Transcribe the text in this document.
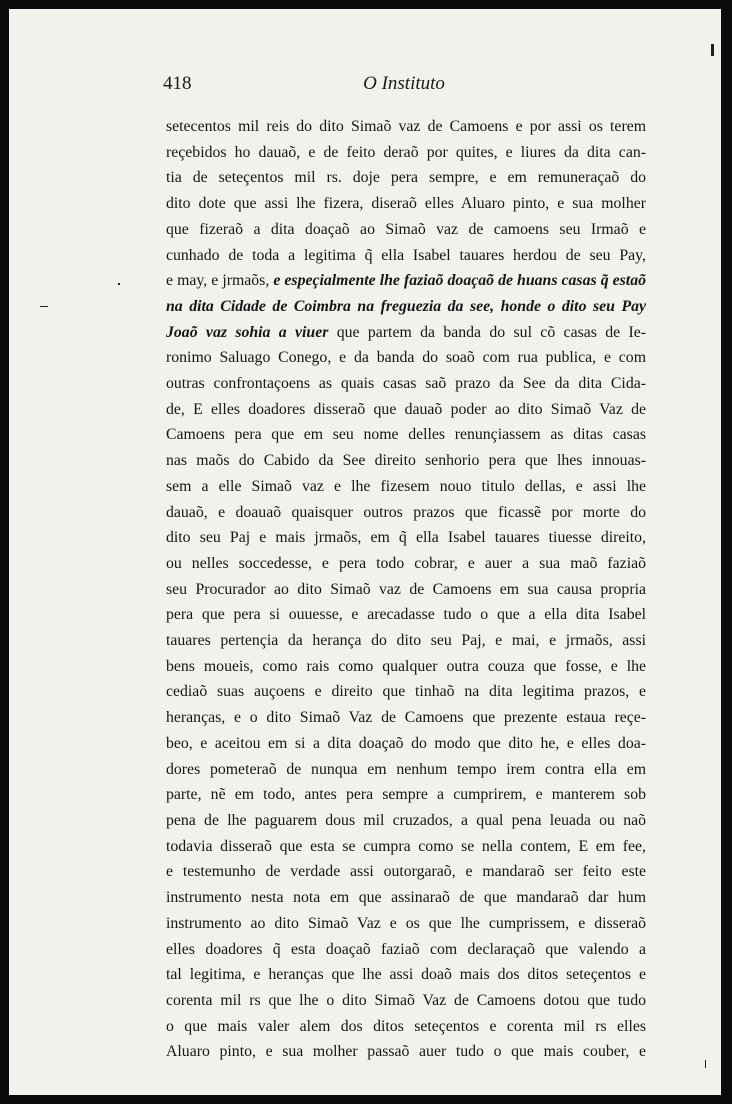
418	O Instituto
setecentos mil reis do dito Simaõ vaz de Camoens e por assi os terem
reçebidos ho dauaõ, e de feito deraõ por quites, e liures da dita can-
tia de seteçentos mil rs. doje pera sempre, e em remuneraçaõ do
dito dote que assi lhe fizera, diseraõ elles Aluaro pinto, e sua molher
que fizeraõ a dita doaçaõ ao Simaõ vaz de camoens seu Irmaõ e
cunhado de toda a legitima q̃ ella Isabel tauares herdou de seu Pay,
e may, e jrmaõs, e espeçialmente lhe faziaõ doaçaõ de huans casas q̃ estaõ
na dita Cidade de Coimbra na freguezia da see, honde o dito seu Pay
Joaõ vaz sohia a viuer que partem da banda do sul cõ casas de Ie-
ronimo Saluago Conego, e da banda do soaõ com rua publica, e com
outras confrontaçoens as quais casas saõ prazo da See da dita Cida-
de, E elles doadores disseraõ que dauaõ poder ao dito Simaõ Vaz de
Camoens pera que em seu nome delles renunçiassem as ditas casas
nas maõs do Cabido da See direito senhorio pera que lhes innouas-
sem a elle Simaõ vaz e lhe fizesem nouo titulo dellas, e assi lhe
dauaõ, e doauaõ quaisquer outros prazos que ficassẽ por morte do
dito seu Paj e mais jrmaõs, em q̃ ella Isabel tauares tiuesse direito,
ou nelles soccedesse, e pera todo cobrar, e auer a sua maõ faziaõ
seu Procurador ao dito Simaõ vaz de Camoens em sua causa propria
pera que pera si ouuesse, e arecadasse tudo o que a ella dita Isabel
tauares pertençia da herança do dito seu Paj, e mai, e jrmaõs, assi
bens moueis, como rais como qualquer outra couza que fosse, e lhe
cediaõ suas auçoens e direito que tinhaõ na dita legitima prazos, e
heranças, e o dito Simaõ Vaz de Camoens que prezente estaua reçe-
beo, e aceitou em si a dita doaçaõ do modo que dito he, e elles doa-
dores pometeraõ de nunqua em nenhum tempo irem contra ella em
parte, nẽ em todo, antes pera sempre a cumprirem, e manterem sob
pena de lhe paguarem dous mil cruzados, a qual pena leuada ou naõ
todavia disseraõ que esta se cumpra como se nella contem, E em fee,
e testemunho de verdade assi outorgaraõ, e mandaraõ ser feito este
instrumento nesta nota em que assinaraõ de que mandaraõ dar hum
instrumento ao dito Simaõ Vaz e os que lhe cumprissem, e disseraõ
elles doadores q̃ esta doaçaõ faziaõ com declaraçaõ que valendo a
tal legitima, e heranças que lhe assi doaõ mais dos ditos seteçentos e
corenta mil rs que lhe o dito Simaõ Vaz de Camoens dotou que tudo
o que mais valer alem dos ditos seteçentos e corenta mil rs elles
Aluaro pinto, e sua molher passaõ auer tudo o que mais couber, e
